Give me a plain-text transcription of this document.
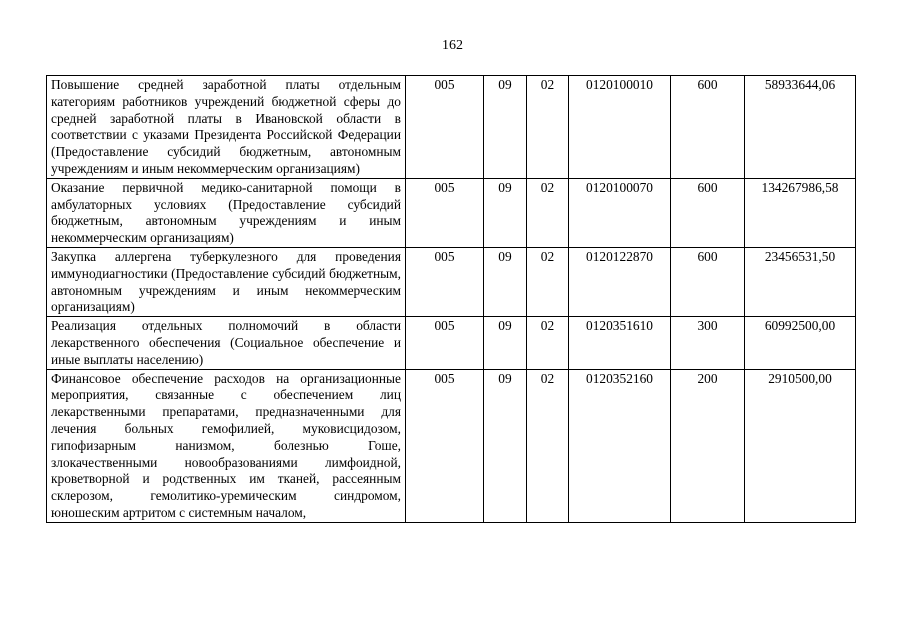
162
Повышение средней заработной платы отдельным категориям работников учреждений бюджетной сферы до средней заработной платы в Ивановской области в соответствии с указами Президента Российской Федерации (Предоставление субсидий бюджетным, автономным учреждениям и иным некоммерческим организациям)	005	09	02	0120100010	600	58933644,06
Оказание первичной медико-санитарной помощи в амбулаторных условиях (Предоставление субсидий бюджетным, автономным учреждениям и иным некоммерческим организациям)	005	09	02	0120100070	600	134267986,58
Закупка аллергена туберкулезного для проведения иммунодиагностики (Предоставление субсидий бюджетным, автономным учреждениям и иным некоммерческим организациям)	005	09	02	0120122870	600	23456531,50
Реализация отдельных полномочий в области лекарственного обеспечения (Социальное обеспечение и иные выплаты населению)	005	09	02	0120351610	300	60992500,00
Финансовое обеспечение расходов на организационные мероприятия, связанные с обеспечением лиц лекарственными препаратами, предназначенными для лечения больных гемофилией, муковисцидозом, гипофизарным нанизмом, болезнью Гоше, злокачественными новообразованиями лимфоидной, кроветворной и родственных им тканей, рассеянным склерозом, гемолитико-уремическим синдромом, юношеским артритом с системным началом,	005	09	02	0120352160	200	2910500,00
